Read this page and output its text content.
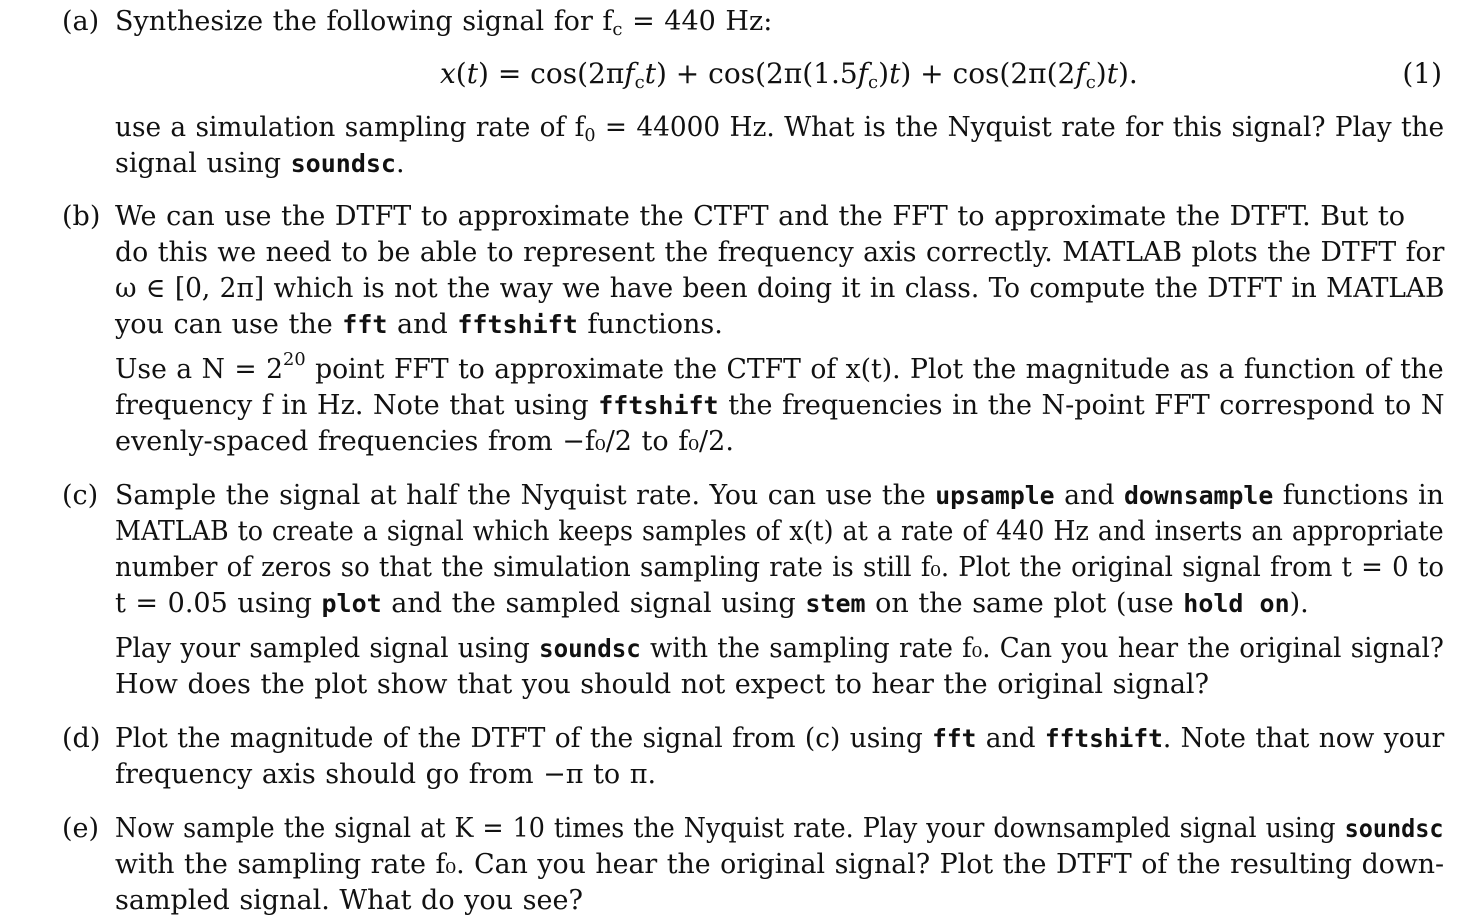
(a) Synthesize the following signal for $f_c = 440$ Hz:
$x(t) = \cos(2\pi f_ct) + \cos(2\pi(1.5f_c)t) + \cos(2\pi(2f_c)t)$.	(1)
use a simulation sampling rate of $f_0 = 44000$ Hz. What is the Nyquist rate for this signal? Play the
signal using soundsc.
(b) We can use the DTFT to approximate the CTFT and the FFT to approximate the DTFT. But to
do this we need to be able to represent the frequency axis correctly. MATLAB plots the DTFT for
ω ∈ [0, 2π] which is not the way we have been doing it in class. To compute the DTFT in MATLAB
you can use the fft and fftshift functions.
Use a $N = 2^{20}$ point FFT to approximate the CTFT of x(t). Plot the magnitude as a function of the
frequency f in Hz. Note that using fftshift the frequencies in the N-point FFT correspond to N
evenly-spaced frequencies from −f₀/2 to f₀/2.
(c) Sample the signal at half the Nyquist rate. You can use the upsample and downsample functions in
MATLAB to create a signal which keeps samples of x(t) at a rate of 440 Hz and inserts an appropriate
number of zeros so that the simulation sampling rate is still f₀. Plot the original signal from t = 0 to
t = 0.05 using plot and the sampled signal using stem on the same plot (use hold on).
Play your sampled signal using soundsc with the sampling rate f₀. Can you hear the original signal?
How does the plot show that you should not expect to hear the original signal?
(d) Plot the magnitude of the DTFT of the signal from (c) using fft and fftshift. Note that now your
frequency axis should go from −π to π.
(e) Now sample the signal at K = 10 times the Nyquist rate. Play your downsampled signal using soundsc
with the sampling rate f₀. Can you hear the original signal? Plot the DTFT of the resulting down-
sampled signal. What do you see?
